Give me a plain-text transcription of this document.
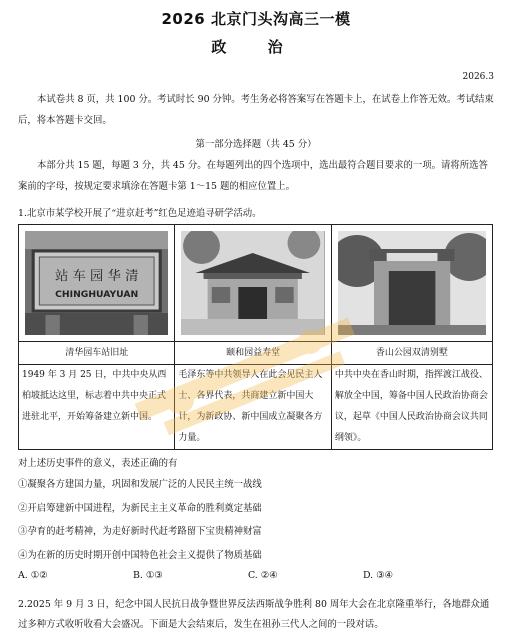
2026 北京门头沟高三一模
政 治
2026.3
本试卷共 8 页，共 100 分。考试时长 90 分钟。考生务必将答案写在答题卡上，在试卷上作答无效。考试结束后，将本答题卡交回。
第一部分选择题（共 45 分）
本部分共 15 题，每题 3 分，共 45 分。在每题列出的四个选项中，选出最符合题目要求的一项。请将所选答案前的字母，按规定要求填涂在答题卡第 1～15 题的相应位置上。
1.北京市某学校开展了“进京赶考”红色足迹追寻研学活动。
站 车 园 华 清
CHINGHUAYUAN

清华园车站旧址	颐和园益寿堂	香山公园双清别墅
1949 年 3 月 25 日，中共中央从西柏坡抵达这里，标志着中共中央正式进驻北平，开始筹备建立新中国。	毛泽东等中共领导人在此会见民主人士、各界代表，共商建立新中国大计，为新政协、新中国成立凝聚各方力量。	中共中央在香山时期，指挥渡江战役、解放全中国，筹备中国人民政治协商会议，起草《中国人民政治协商会议共同纲领》。
对上述历史事件的意义，表述正确的有
①凝聚各方建国力量，巩固和发展广泛的人民民主统一战线
②开启筹建新中国进程，为新民主主义革命的胜利奠定基础
③孕育的赶考精神，为走好新时代赶考路留下宝贵精神财富
④为在新的历史时期开创中国特色社会主义提供了物质基础
A. ①②	B. ①③	C. ②④	D. ③④
2.2025 年 9 月 3 日，纪念中国人民抗日战争暨世界反法西斯战争胜利 80 周年大会在北京隆重举行，各地群众通过多种方式收听收看大会盛况。下面是大会结束后，发生在祖孙三代人之间的一段对话。
